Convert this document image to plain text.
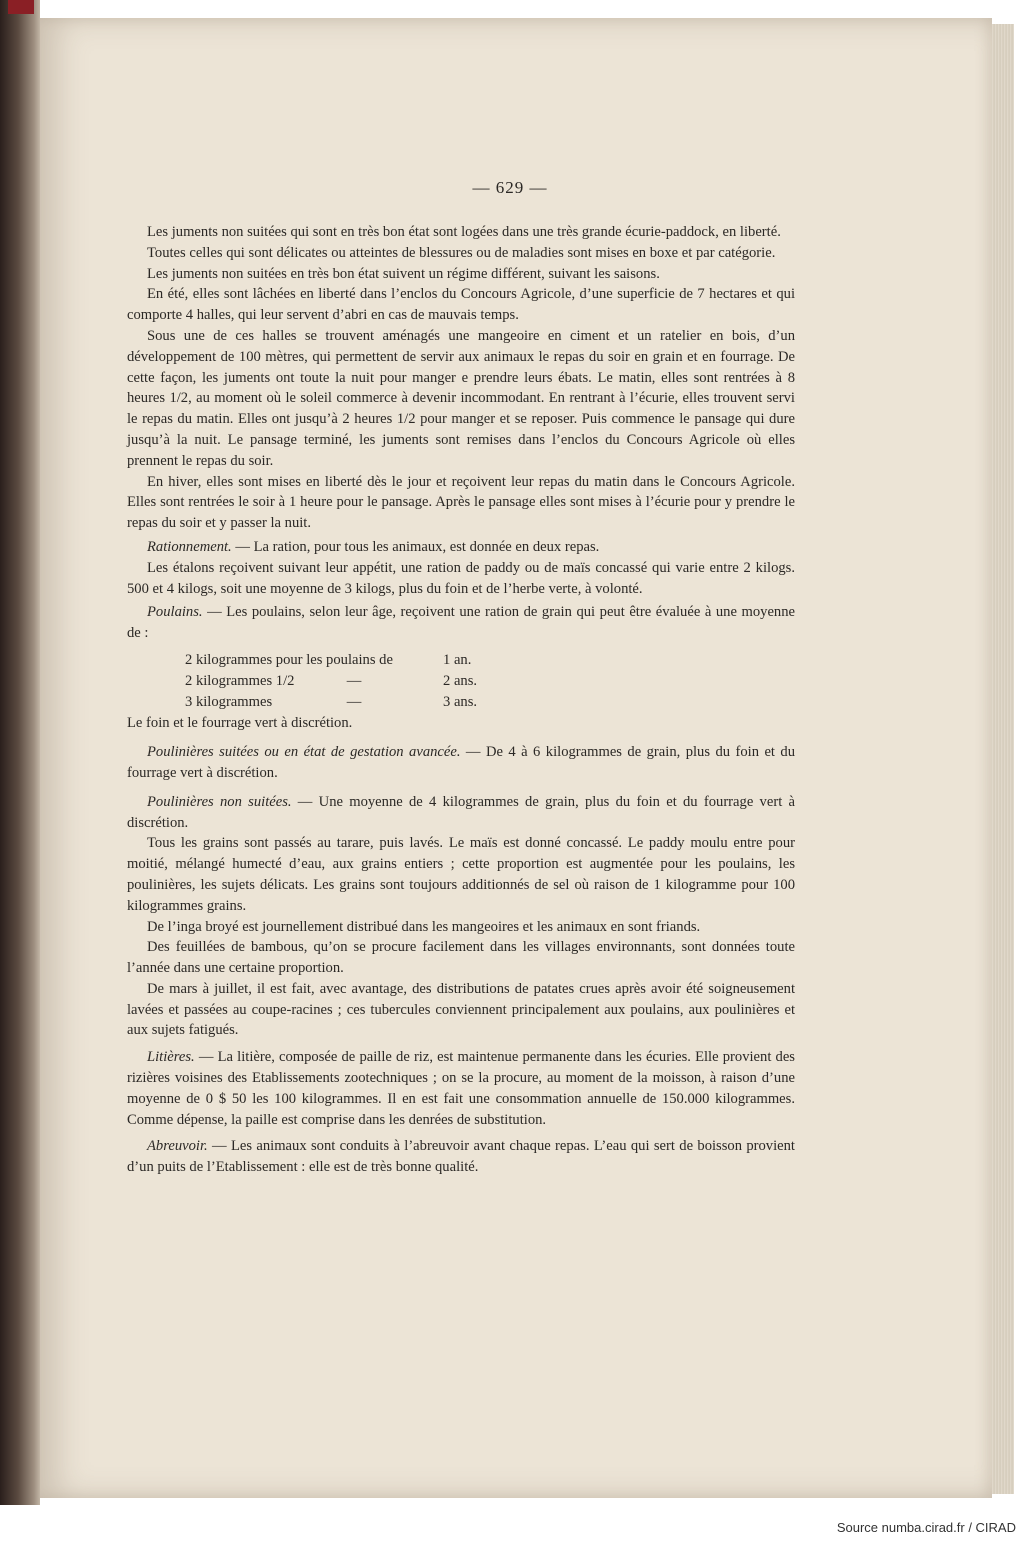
— 629 —

Les juments non suitées qui sont en très bon état sont logées dans une très grande écurie-paddock, en liberté.

Toutes celles qui sont délicates ou atteintes de blessures ou de maladies sont mises en boxe et par catégorie.

Les juments non suitées en très bon état suivent un régime différent, suivant les saisons.

En été, elles sont lâchées en liberté dans l’enclos du Concours Agricole, d’une superficie de 7 hectares et qui comporte 4 halles, qui leur servent d’abri en cas de mauvais temps.

Sous une de ces halles se trouvent aménagés une mangeoire en ciment et un ratelier en bois, d’un développement de 100 mètres, qui permettent de servir aux animaux le repas du soir en grain et en fourrage. De cette façon, les juments ont toute la nuit pour manger e prendre leurs ébats. Le matin, elles sont rentrées à 8 heures 1/2, au moment où le soleil commerce à devenir incommodant. En rentrant à l’écurie, elles trouvent servi le repas du matin. Elles ont jusqu’à 2 heures 1/2 pour manger et se reposer. Puis commence le pansage qui dure jusqu’à la nuit. Le pansage terminé, les juments sont remises dans l’enclos du Concours Agricole où elles prennent le repas du soir.

En hiver, elles sont mises en liberté dès le jour et reçoivent leur repas du matin dans le Concours Agricole. Elles sont rentrées le soir à 1 heure pour le pansage. Après le pansage elles sont mises à l’écurie pour y prendre le repas du soir et y passer la nuit.

Rationnement. — La ration, pour tous les animaux, est donnée en deux repas.

Les étalons reçoivent suivant leur appétit, une ration de paddy ou de maïs concassé qui varie entre 2 kilogs. 500 et 4 kilogs, soit une moyenne de 3 kilogs, plus du foin et de l’herbe verte, à volonté.

Poulains. — Les poulains, selon leur âge, reçoivent une ration de grain qui peut être évaluée à une moyenne de :

2 kilogrammes pour les poulains de	1 an.
2 kilogrammes 1/2	—	2 ans.
3 kilogrammes	—	3 ans.

Le foin et le fourrage vert à discrétion.

Poulinières suitées ou en état de gestation avancée. — De 4 à 6 kilogrammes de grain, plus du foin et du fourrage vert à discrétion.

Poulinières non suitées. — Une moyenne de 4 kilogrammes de grain, plus du foin et du fourrage vert à discrétion.

Tous les grains sont passés au tarare, puis lavés. Le maïs est donné concassé. Le paddy moulu entre pour moitié, mélangé humecté d’eau, aux grains entiers ; cette proportion est augmentée pour les poulains, les poulinières, les sujets délicats. Les grains sont toujours additionnés de sel où raison de 1 kilogramme pour 100 kilogrammes grains.

De l’inga broyé est journellement distribué dans les mangeoires et les animaux en sont friands.

Des feuillées de bambous, qu’on se procure facilement dans les villages environnants, sont données toute l’année dans une certaine proportion.

De mars à juillet, il est fait, avec avantage, des distributions de patates crues après avoir été soigneusement lavées et passées au coupe-racines ; ces tubercules conviennent principalement aux poulains, aux poulinières et aux sujets fatigués.

Litières. — La litière, composée de paille de riz, est maintenue permanente dans les écuries. Elle provient des rizières voisines des Etablissements zootechniques ; on se la procure, au moment de la moisson, à raison d’une moyenne de 0 $ 50 les 100 kilogrammes. Il en est fait une consommation annuelle de 150.000 kilogrammes. Comme dépense, la paille est comprise dans les denrées de substitution.

Abreuvoir. — Les animaux sont conduits à l’abreuvoir avant chaque repas. L’eau qui sert de boisson provient d’un puits de l’Etablissement : elle est de très bonne qualité.

Source numba.cirad.fr / CIRAD
